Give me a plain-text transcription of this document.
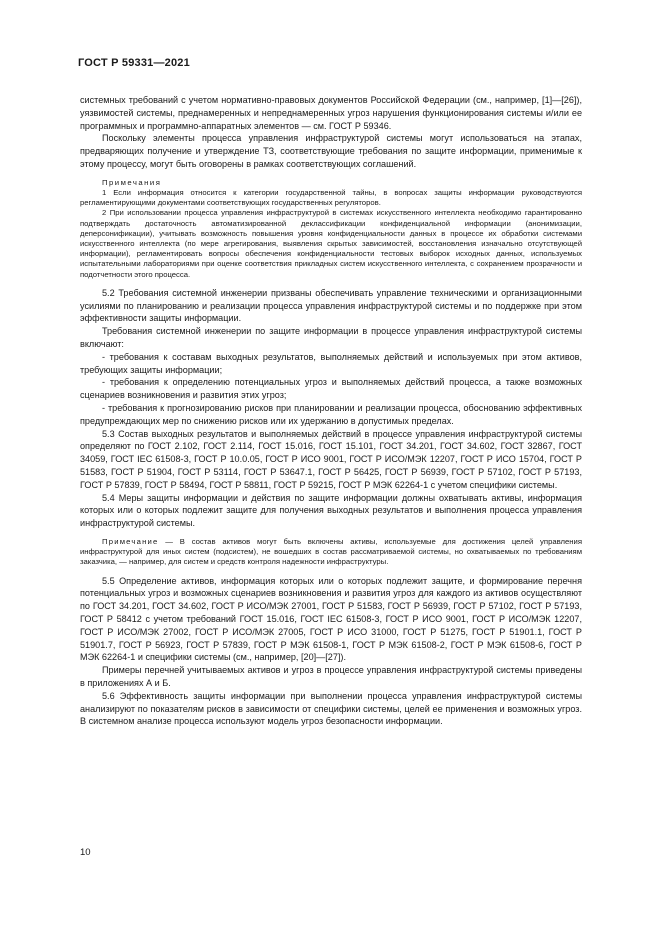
ГОСТ Р 59331—2021

системных требований с учетом нормативно-правовых документов Российской Федерации (см., например, [1]—[26]), уязвимостей системы, преднамеренных и непреднамеренных угроз нарушения функционирования системы и/или ее программных и программно-аппаратных элементов — см. ГОСТ Р 59346.

Поскольку элементы процесса управления инфраструктурой системы могут использоваться на этапах, предваряющих получение и утверждение ТЗ, соответствующие требования по защите информации, применимые к этому процессу, могут быть оговорены в рамках соответствующих соглашений.

Примечания

1 Если информация относится к категории государственной тайны, в вопросах защиты информации руководствуются регламентирующими документами соответствующих государственных регуляторов.

2 При использовании процесса управления инфраструктурой в системах искусственного интеллекта необходимо гарантированно подтверждать достаточность автоматизированной деклассификации конфиденциальной информации (анонимизации, деперсонификации), учитывать возможность повышения уровня конфиденциальности данных в процессе их обработки системами искусственного интеллекта (по мере агрегирования, выявления скрытых зависимостей, восстановления изначально отсутствующей информации), регламентировать вопросы обеспечения конфиденциальности тестовых выборок исходных данных, используемых испытательными лабораториями при оценке соответствия прикладных систем искусственного интеллекта, с сохранением прозрачности и подотчетности этого процесса.

5.2 Требования системной инженерии призваны обеспечивать управление техническими и организационными усилиями по планированию и реализации процесса управления инфраструктурой системы и по поддержке при этом эффективности защиты информации.

Требования системной инженерии по защите информации в процессе управления инфраструктурой системы включают:

- требования к составам выходных результатов, выполняемых действий и используемых при этом активов, требующих защиты информации;

- требования к определению потенциальных угроз и выполняемых действий процесса, а также возможных сценариев возникновения и развития этих угроз;

- требования к прогнозированию рисков при планировании и реализации процесса, обоснованию эффективных предупреждающих мер по снижению рисков или их удержанию в допустимых пределах.

5.3 Состав выходных результатов и выполняемых действий в процессе управления инфраструктурой системы определяют по ГОСТ 2.102, ГОСТ 2.114, ГОСТ 15.016, ГОСТ 15.101, ГОСТ 34.201, ГОСТ 34.602, ГОСТ 32867, ГОСТ 34059, ГОСТ IEC 61508-3, ГОСТ Р 10.0.05, ГОСТ Р ИСО 9001, ГОСТ Р ИСО/МЭК 12207, ГОСТ Р ИСО 15704, ГОСТ Р 51583, ГОСТ Р 51904, ГОСТ Р 53114, ГОСТ Р 53647.1, ГОСТ Р 56425, ГОСТ Р 56939, ГОСТ Р 57102, ГОСТ Р 57193, ГОСТ Р 57839, ГОСТ Р 58494, ГОСТ Р 58811, ГОСТ Р 59215, ГОСТ Р МЭК 62264-1 с учетом специфики системы.

5.4 Меры защиты информации и действия по защите информации должны охватывать активы, информация которых или о которых подлежит защите для получения выходных результатов и выполнения процесса управления инфраструктурой системы.

Примечание — В состав активов могут быть включены активы, используемые для достижения целей управления инфраструктурой для иных систем (подсистем), не вошедших в состав рассматриваемой системы, но охватываемых по требованиям заказчика, — например, для систем и средств контроля надежности инфраструктуры.

5.5 Определение активов, информация которых или о которых подлежит защите, и формирование перечня потенциальных угроз и возможных сценариев возникновения и развития угроз для каждого из активов осуществляют по ГОСТ 34.201, ГОСТ 34.602, ГОСТ Р ИСО/МЭК 27001, ГОСТ Р 51583, ГОСТ Р 56939, ГОСТ Р 57102, ГОСТ Р 57193, ГОСТ Р 58412 с учетом требований ГОСТ 15.016, ГОСТ IEC 61508-3, ГОСТ Р ИСО 9001, ГОСТ Р ИСО/МЭК 12207, ГОСТ Р ИСО/МЭК 27002, ГОСТ Р ИСО/МЭК 27005, ГОСТ Р ИСО 31000, ГОСТ Р 51275, ГОСТ Р 51901.1, ГОСТ Р 51901.7, ГОСТ Р 56923, ГОСТ Р 57839, ГОСТ Р МЭК 61508-1, ГОСТ Р МЭК 61508-2, ГОСТ Р МЭК 61508-6, ГОСТ Р МЭК 62264-1 и специфики системы (см., например, [20]—[27]).

Примеры перечней учитываемых активов и угроз в процессе управления инфраструктурой системы приведены в приложениях А и Б.

5.6 Эффективность защиты информации при выполнении процесса управления инфраструктурой системы анализируют по показателям рисков в зависимости от специфики системы, целей ее применения и возможных угроз. В системном анализе процесса используют модель угроз безопасности информации.

10
